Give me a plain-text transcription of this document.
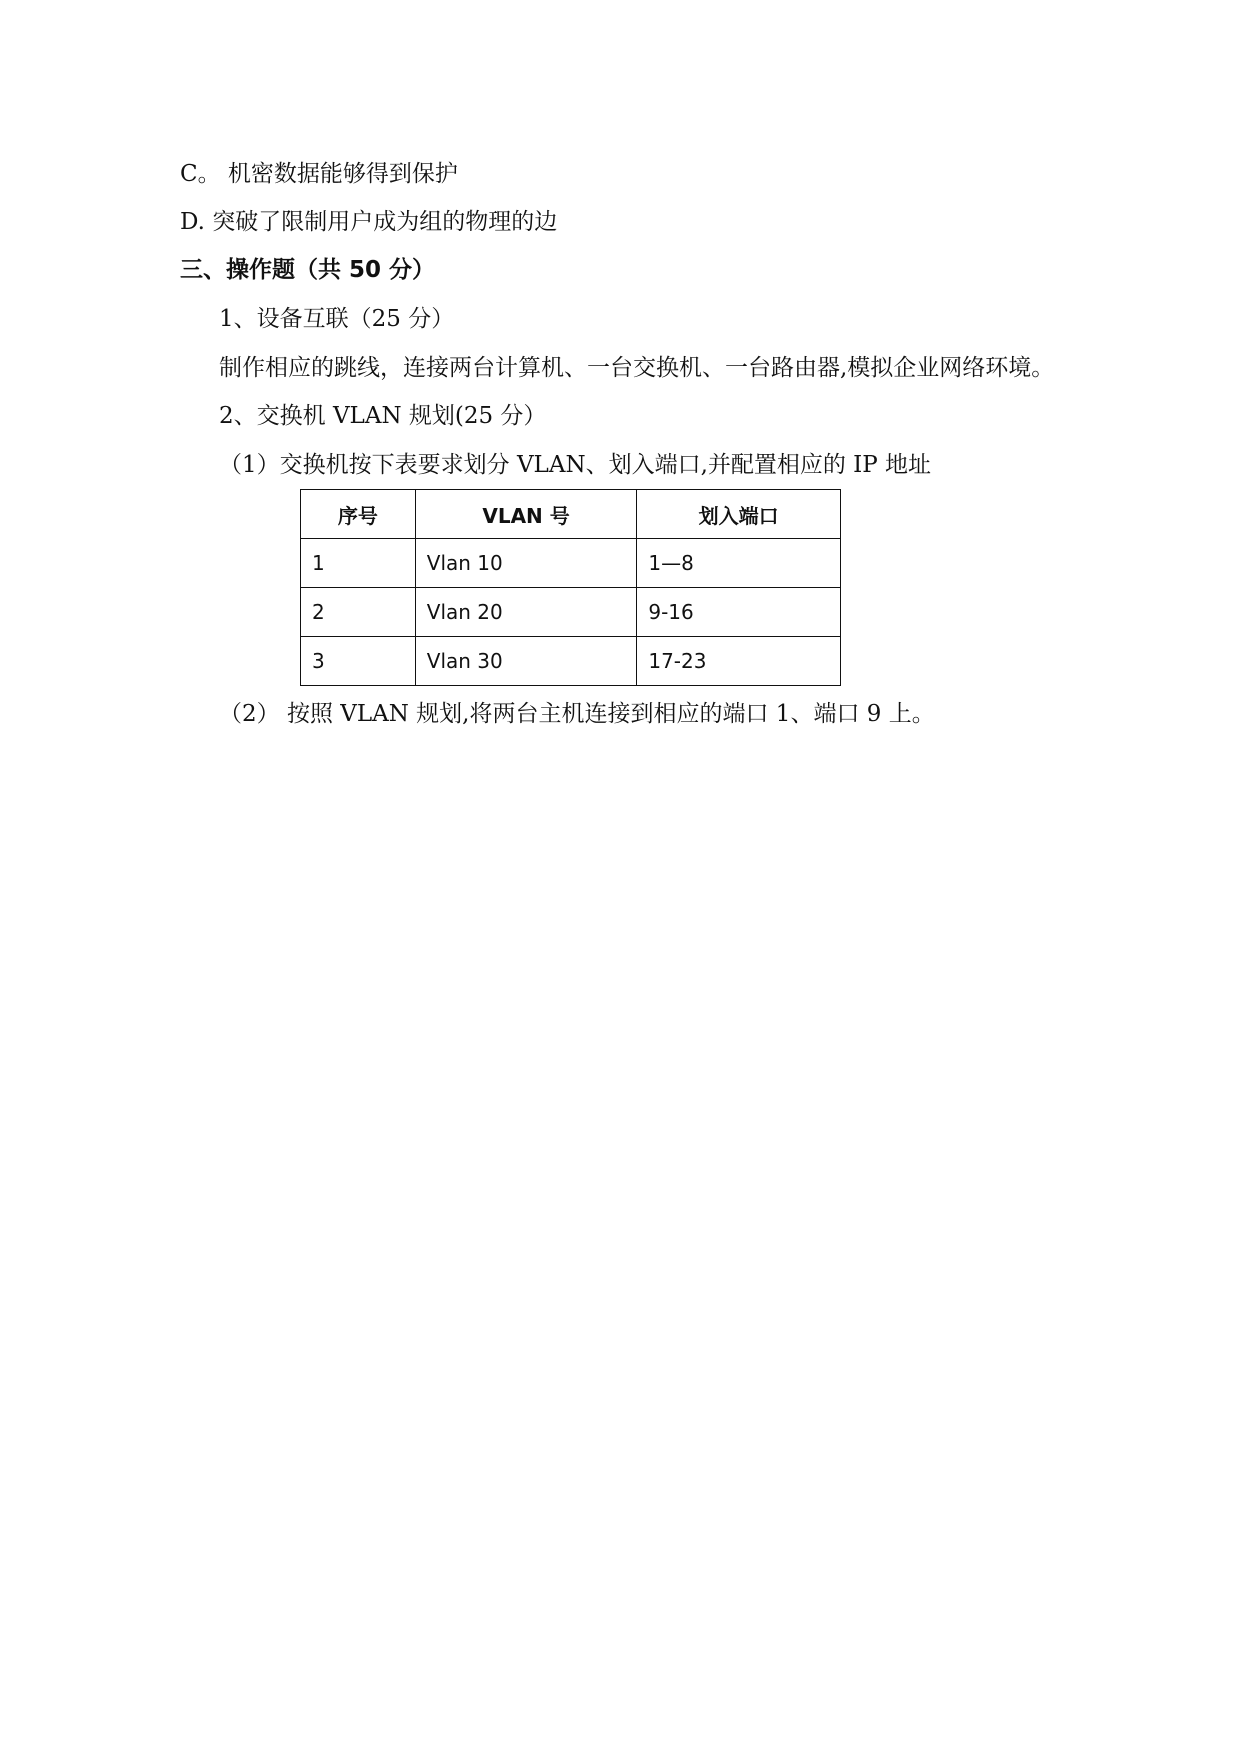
C。 机密数据能够得到保护
D. 突破了限制用户成为组的物理的边
三、操作题（共 50 分）
1、设备互联（25 分）
制作相应的跳线，连接两台计算机、一台交换机、一台路由器,模拟企业网络环境。
2、交换机 VLAN 规划(25 分）
（1）交换机按下表要求划分 VLAN、划入端口,并配置相应的 IP 地址
序号	VLAN 号	划入端口
1	Vlan 10	1—8
2	Vlan 20	9-16
3	Vlan 30	17-23
（2） 按照 VLAN 规划,将两台主机连接到相应的端口 1、端口 9 上。
